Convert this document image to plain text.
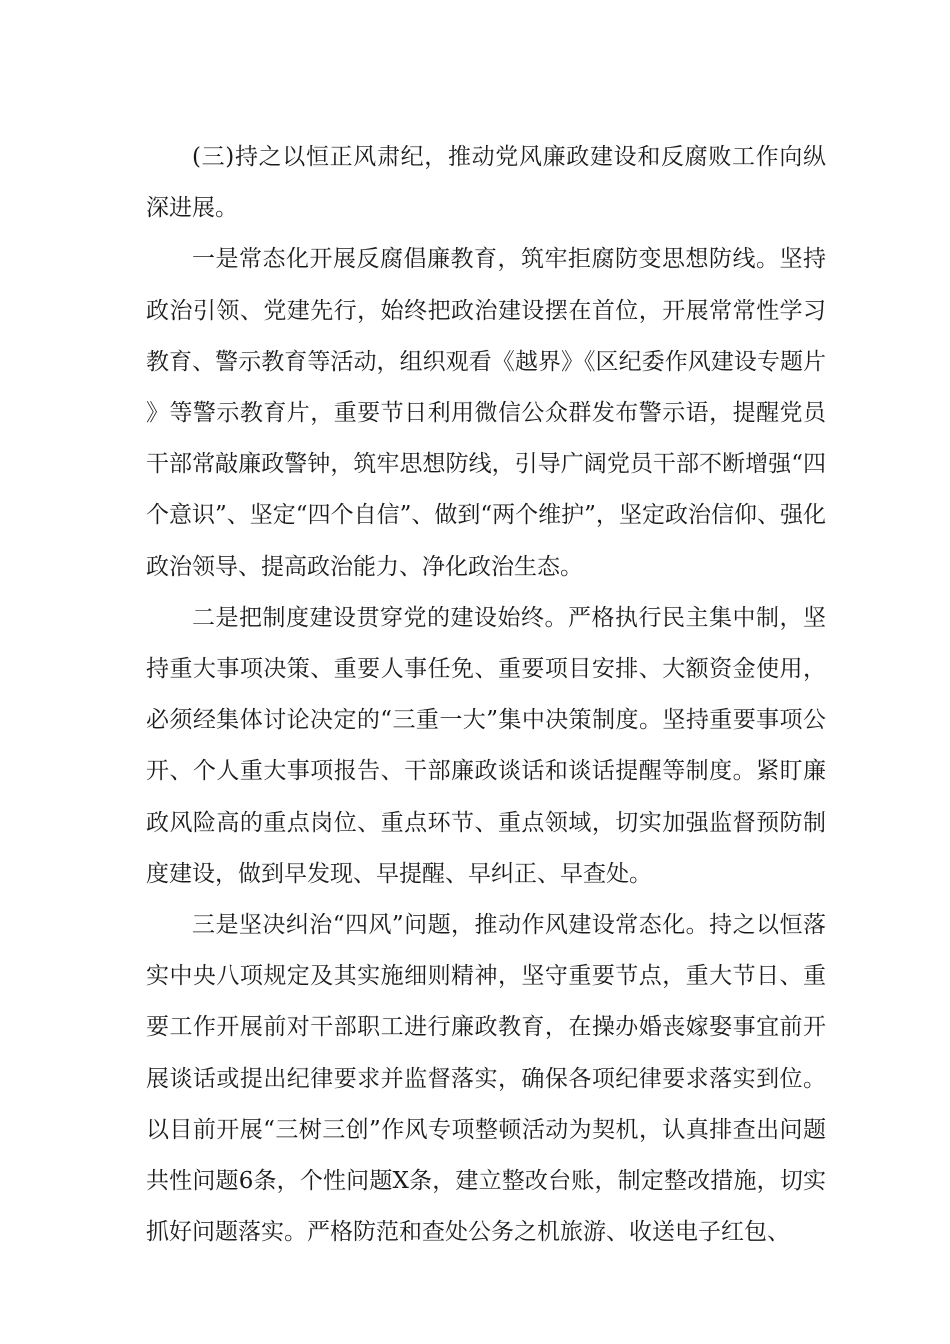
(三)持之以恒正风肃纪，推动党风廉政建设和反腐败工作向纵深进展。

一是常态化开展反腐倡廉教育，筑牢拒腐防变思想防线。坚持政治引领、党建先行，始终把政治建设摆在首位，开展常常性学习教育、警示教育等活动，组织观看《越界》《区纪委作风建设专题片》等警示教育片，重要节日利用微信公众群发布警示语，提醒党员干部常敲廉政警钟，筑牢思想防线，引导广阔党员干部不断增强“四个意识”、坚定“四个自信”、做到“两个维护”，坚定政治信仰、强化政治领导、提高政治能力、净化政治生态。

二是把制度建设贯穿党的建设始终。严格执行民主集中制，坚持重大事项决策、重要人事任免、重要项目安排、大额资金使用，必须经集体讨论决定的“三重一大”集中决策制度。坚持重要事项公开、个人重大事项报告、干部廉政谈话和谈话提醒等制度。紧盯廉政风险高的重点岗位、重点环节、重点领域，切实加强监督预防制度建设，做到早发现、早提醒、早纠正、早查处。

三是坚决纠治“四风”问题，推动作风建设常态化。持之以恒落实中央八项规定及其实施细则精神，坚守重要节点，重大节日、重要工作开展前对干部职工进行廉政教育，在操办婚丧嫁娶事宜前开展谈话或提出纪律要求并监督落实，确保各项纪律要求落实到位。以目前开展“三树三创”作风专项整顿活动为契机，认真排查出问题共性问题6条，个性问题X条，建立整改台账，制定整改措施，切实抓好问题落实。严格防范和查处公务之机旅游、收送电子红包、
